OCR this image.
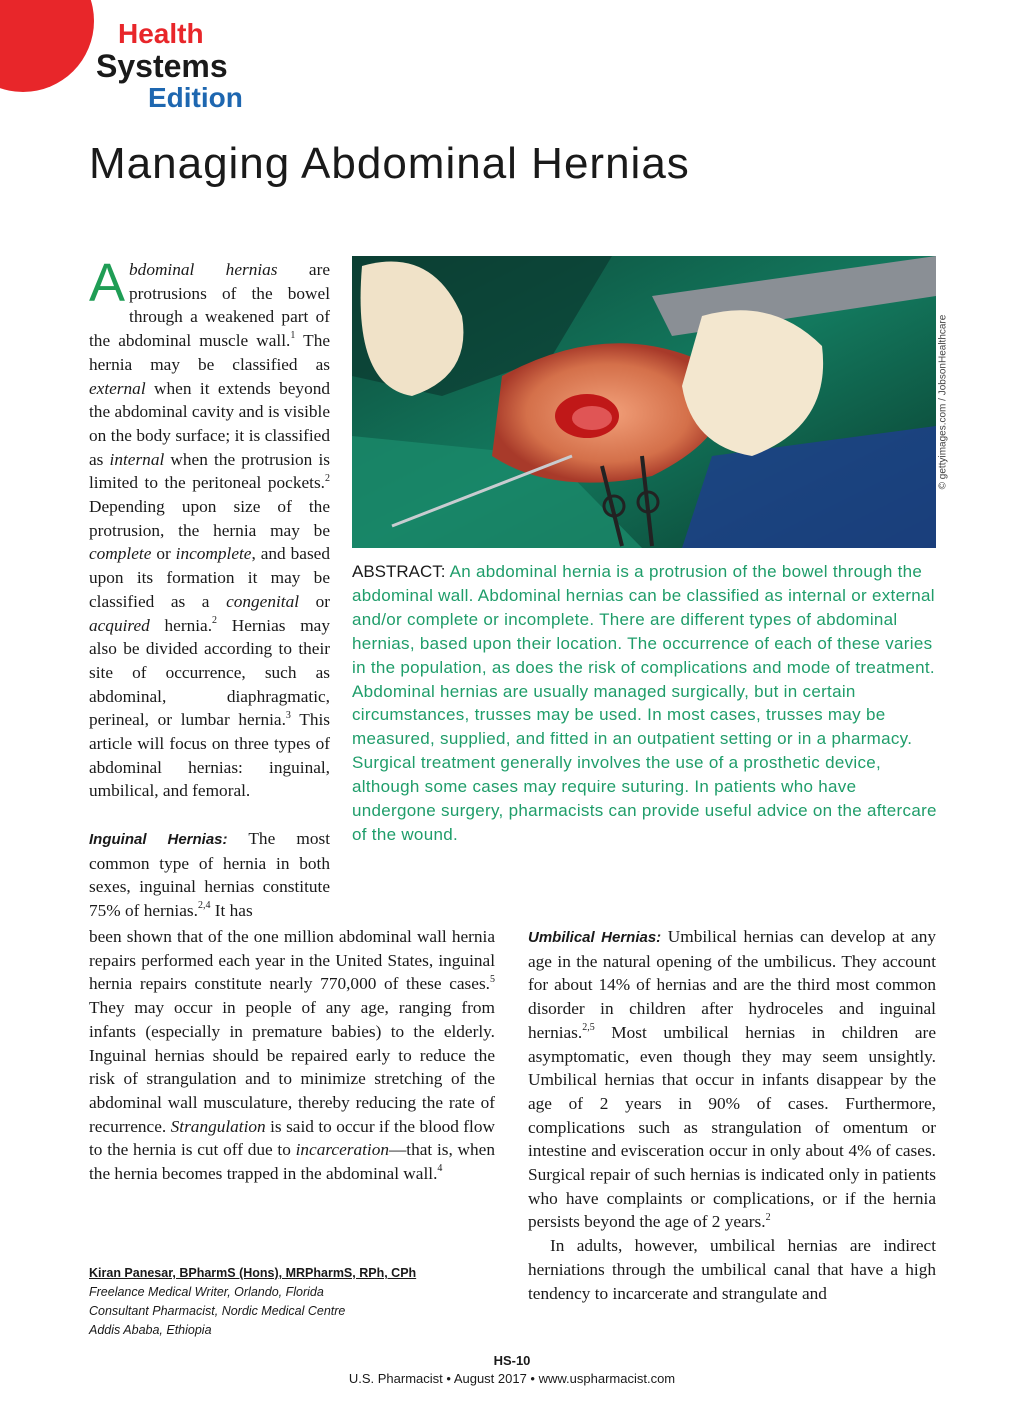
Health
Systems
Edition
Managing Abdominal Hernias
Abdominal hernias are protrusions of the bowel through a weakened part of the abdominal muscle wall.$^1$ The hernia may be classified as external when it extends beyond the abdominal cavity and is visible on the body surface; it is classified as internal when the protrusion is limited to the peritoneal pockets.$^2$ Depending upon size of the protrusion, the hernia may be complete or incomplete, and based upon its formation it may be classified as a congenital or acquired hernia.$^2$ Hernias may also be divided according to their site of occurrence, such as abdominal, diaphragmatic, perineal, or lumbar hernia.$^3$ This article will focus on three types of abdominal hernias: inguinal, umbilical, and femoral.
Inguinal Hernias: The most common type of hernia in both sexes, inguinal hernias constitute 75% of hernias.$^{2,4}$ It has
been shown that of the one million abdominal wall hernia repairs performed each year in the United States, inguinal hernia repairs constitute nearly 770,000 of these cases.$^5$ They may occur in people of any age, ranging from infants (especially in premature babies) to the elderly. Inguinal hernias should be repaired early to reduce the risk of strangulation and to minimize stretching of the abdominal wall musculature, thereby reducing the rate of recurrence. Strangulation is said to occur if the blood flow to the hernia is cut off due to incarceration—that is, when the hernia becomes trapped in the abdominal wall.$^4$
© gettyimages.com / JobsonHealthcare
ABSTRACT: An abdominal hernia is a protrusion of the bowel through the abdominal wall. Abdominal hernias can be classified as internal or external and/or complete or incomplete. There are different types of abdominal hernias, based upon their location. The occurrence of each of these varies in the population, as does the risk of complications and mode of treatment. Abdominal hernias are usually managed surgically, but in certain circumstances, trusses may be used. In most cases, trusses may be measured, supplied, and fitted in an outpatient setting or in a pharmacy. Surgical treatment generally involves the use of a prosthetic device, although some cases may require suturing. In patients who have undergone surgery, pharmacists can provide useful advice on the aftercare of the wound.
Umbilical Hernias: Umbilical hernias can develop at any age in the natural opening of the umbilicus. They account for about 14% of hernias and are the third most common disorder in children after hydroceles and inguinal hernias.$^{2,5}$ Most umbilical hernias in children are asymptomatic, even though they may seem unsightly. Umbilical hernias that occur in infants disappear by the age of 2 years in 90% of cases. Furthermore, complications such as strangulation of omentum or intestine and evisceration occur in only about 4% of cases. Surgical repair of such hernias is indicated only in patients who have complaints or complications, or if the hernia persists beyond the age of 2 years.$^2$
In adults, however, umbilical hernias are indirect herniations through the umbilical canal that have a high tendency to incarcerate and strangulate and
Kiran Panesar, BPharmS (Hons), MRPharmS, RPh, CPh
Freelance Medical Writer, Orlando, Florida
Consultant Pharmacist, Nordic Medical Centre
Addis Ababa, Ethiopia
HS-10
U.S. Pharmacist • August 2017 • www.uspharmacist.com
